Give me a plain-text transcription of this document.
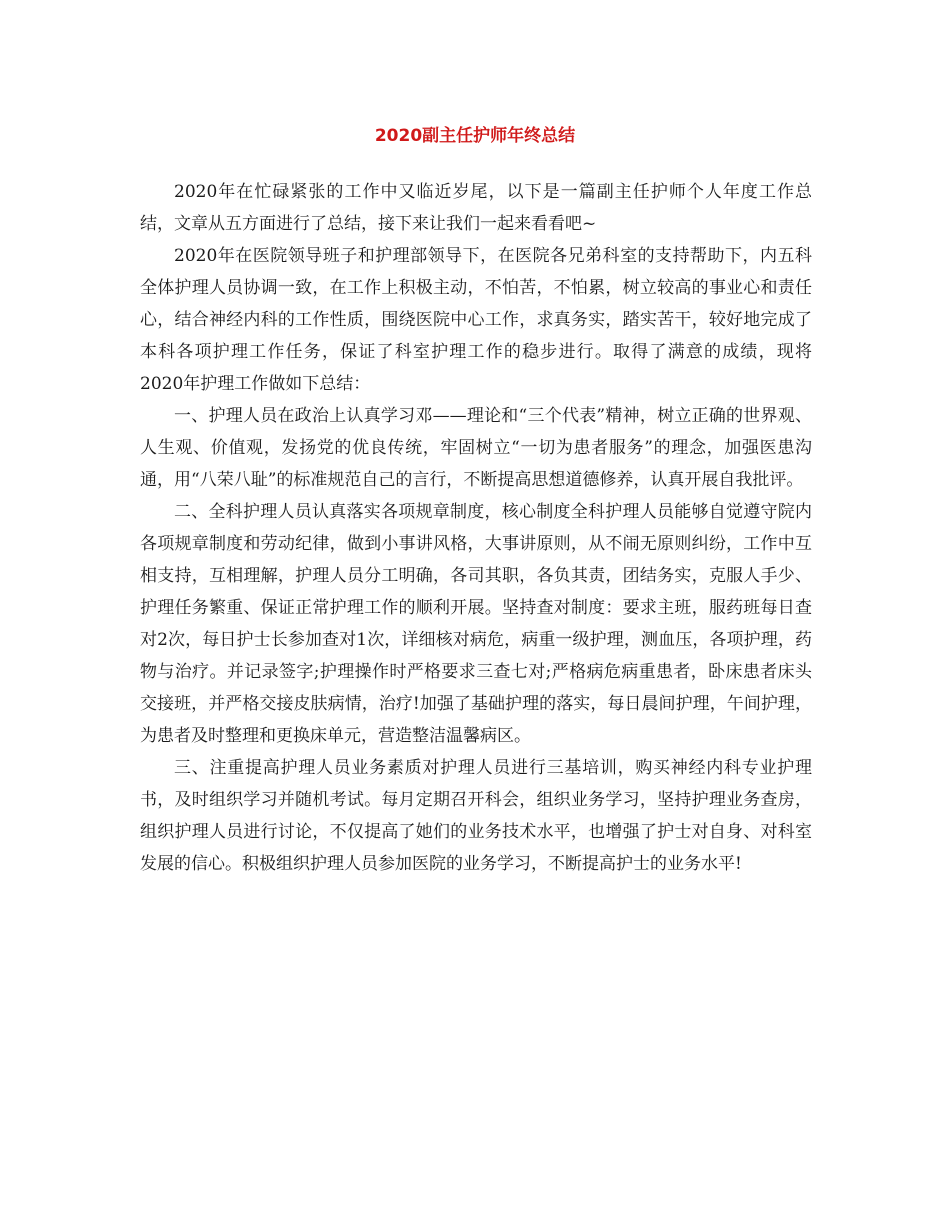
2020副主任护师年终总结

2020年在忙碌紧张的工作中又临近岁尾，以下是一篇副主任护师个人年度工作总结，文章从五方面进行了总结，接下来让我们一起来看看吧~

2020年在医院领导班子和护理部领导下，在医院各兄弟科室的支持帮助下，内五科全体护理人员协调一致，在工作上积极主动，不怕苦，不怕累，树立较高的事业心和责任心，结合神经内科的工作性质，围绕医院中心工作，求真务实，踏实苦干，较好地完成了本科各项护理工作任务，保证了科室护理工作的稳步进行。取得了满意的成绩，现将2020年护理工作做如下总结：

一、护理人员在政治上认真学习邓——理论和“三个代表”精神，树立正确的世界观、人生观、价值观，发扬党的优良传统，牢固树立“一切为患者服务”的理念，加强医患沟通，用“八荣八耻”的标准规范自己的言行，不断提高思想道德修养，认真开展自我批评。

二、全科护理人员认真落实各项规章制度，核心制度全科护理人员能够自觉遵守院内各项规章制度和劳动纪律，做到小事讲风格，大事讲原则，从不闹无原则纠纷，工作中互相支持，互相理解，护理人员分工明确，各司其职，各负其责，团结务实，克服人手少、护理任务繁重、保证正常护理工作的顺利开展。坚持查对制度：要求主班，服药班每日查对2次，每日护士长参加查对1次，详细核对病危，病重一级护理，测血压，各项护理，药物与治疗。并记录签字;护理操作时严格要求三查七对;严格病危病重患者，卧床患者床头交接班，并严格交接皮肤病情，治疗!加强了基础护理的落实，每日晨间护理，午间护理，为患者及时整理和更换床单元，营造整洁温馨病区。

三、注重提高护理人员业务素质对护理人员进行三基培训，购买神经内科专业护理书，及时组织学习并随机考试。每月定期召开科会，组织业务学习，坚持护理业务查房，组织护理人员进行讨论，不仅提高了她们的业务技术水平，也增强了护士对自身、对科室发展的信心。积极组织护理人员参加医院的业务学习，不断提高护士的业务水平!
